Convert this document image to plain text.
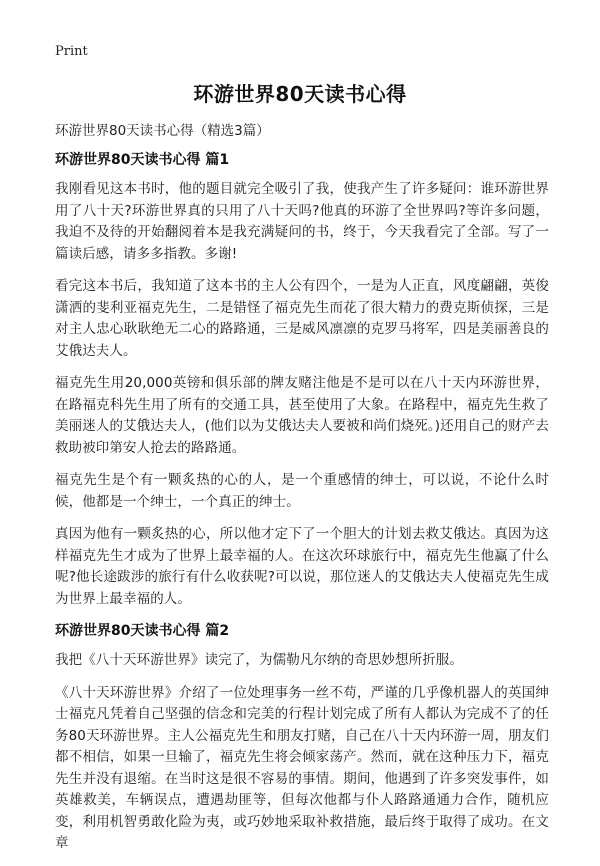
Print
环游世界80天读书心得
环游世界80天读书心得（精选3篇）
环游世界80天读书心得 篇1

我刚看见这本书时，他的题目就完全吸引了我，使我产生了许多疑问：谁环游世界用了八十天?环游世界真的只用了八十天吗?他真的环游了全世界吗?等许多问题，我迫不及待的开始翻阅着本是我充满疑问的书，终于，今天我看完了全部。写了一篇读后感，请多多指教。多谢!

看完这本书后，我知道了这本书的主人公有四个，一是为人正直，风度翩翩，英俊潇洒的斐利亚福克先生，二是错怪了福克先生而花了很大精力的费克斯侦探，三是对主人忠心耿耿绝无二心的路路通，三是威风凛凛的克罗马将军，四是美丽善良的艾俄达夫人。

福克先生用20,000英镑和俱乐部的牌友赌注他是不是可以在八十天内环游世界，在路福克科先生用了所有的交通工具，甚至使用了大象。在路程中，福克先生救了美丽迷人的艾俄达夫人，(他们以为艾俄达夫人要被和尚们烧死。)还用自己的财产去救助被印第安人抢去的路路通。

福克先生是个有一颗炙热的心的人，是一个重感情的绅士，可以说，不论什么时候，他都是一个绅士，一个真正的绅士。

真因为他有一颗炙热的心，所以他才定下了一个胆大的计划去救艾俄达。真因为这样福克先生才成为了世界上最幸福的人。在这次环球旅行中，福克先生他赢了什么呢?他长途跋涉的旅行有什么收获呢?可以说，那位迷人的艾俄达夫人使福克先生成为世界上最幸福的人。

环游世界80天读书心得 篇2

我把《八十天环游世界》读完了，为儒勒凡尔纳的奇思妙想所折服。

《八十天环游世界》介绍了一位处理事务一丝不苟，严谨的几乎像机器人的英国绅士福克凡凭着自己坚强的信念和完美的行程计划完成了所有人都认为完成不了的任务80天环游世界。主人公福克先生和朋友打赌，自己在八十天内环游一周，朋友们都不相信，如果一旦输了，福克先生将会倾家荡产。然而，就在这种压力下，福克先生并没有退缩。在当时这是很不容易的事情。期间，他遇到了许多突发事件，如英雄救美，车辆误点，遭遇劫匪等，但每次他都与仆人路路通通力合作，随机应变，利用机智勇敢化险为夷，或巧妙地采取补救措施，最后终于取得了成功。在文章
